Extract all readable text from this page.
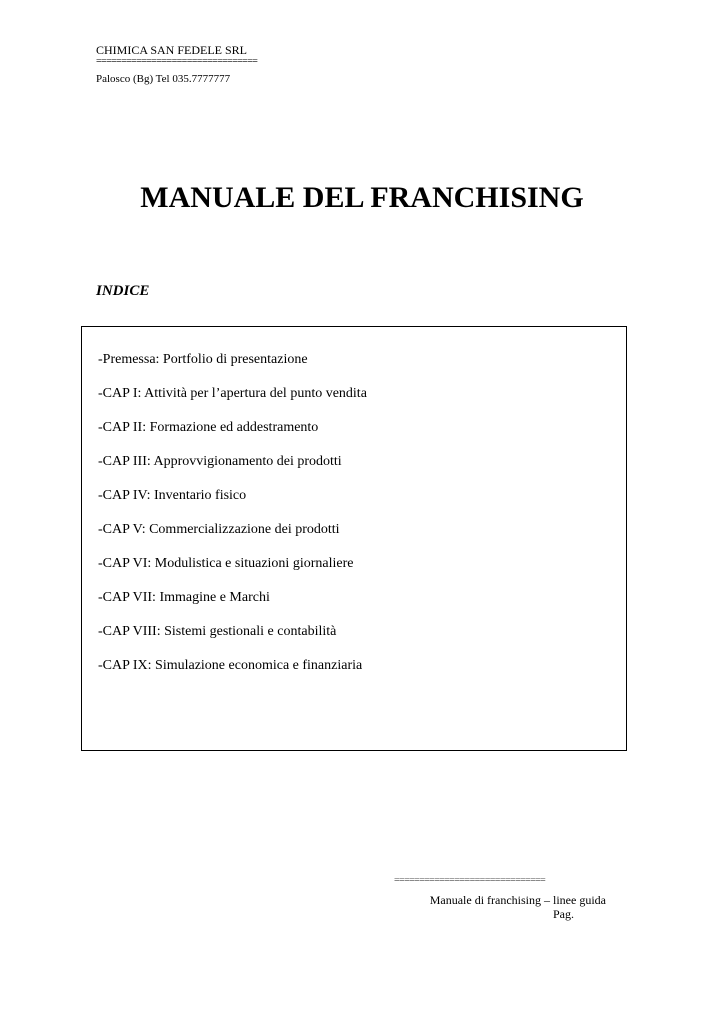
CHIMICA SAN FEDELE SRL
================================
Palosco (Bg) Tel 035.7777777
MANUALE DEL FRANCHISING
INDICE
-Premessa: Portfolio di presentazione
-CAP I: Attività per l’apertura del punto vendita
-CAP II: Formazione ed addestramento
-CAP III: Approvvigionamento dei prodotti
-CAP IV: Inventario fisico
-CAP V: Commercializzazione dei prodotti
-CAP VI: Modulistica e situazioni giornaliere
-CAP VII: Immagine e Marchi
-CAP VIII: Sistemi gestionali e contabilità
-CAP IX: Simulazione economica e finanziaria
==============================
Manuale di franchising – linee guida
Pag.
